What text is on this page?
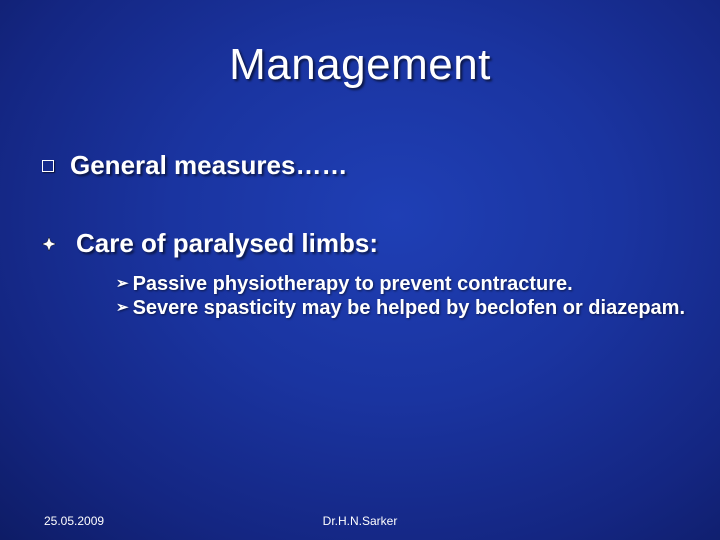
Management
General measures……
Care of paralysed limbs:
➢ Passive physiotherapy to prevent contracture.
➢ Severe spasticity may be helped by beclofen or diazepam.
25.05.2009	Dr.H.N.Sarker
